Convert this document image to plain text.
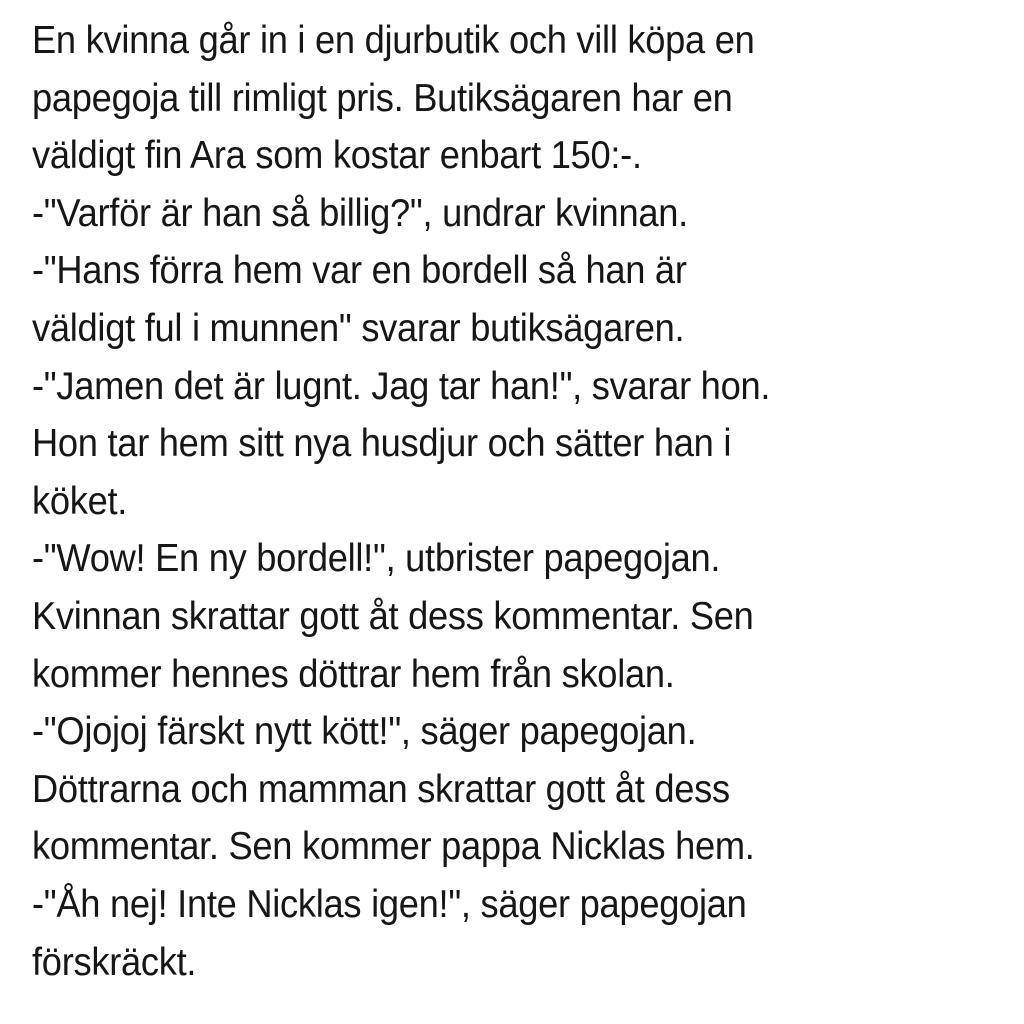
En kvinna går in i en djurbutik och vill köpa en
papegoja till rimligt pris. Butiksägaren har en
väldigt fin Ara som kostar enbart 150:-.
-"Varför är han så billig?", undrar kvinnan.
-"Hans förra hem var en bordell så han är
väldigt ful i munnen" svarar butiksägaren.
-"Jamen det är lugnt. Jag tar han!", svarar hon.
Hon tar hem sitt nya husdjur och sätter han i
köket.
-"Wow! En ny bordell!", utbrister papegojan.
Kvinnan skrattar gott åt dess kommentar. Sen
kommer hennes döttrar hem från skolan.
-"Ojojoj färskt nytt kött!", säger papegojan.
Döttrarna och mamman skrattar gott åt dess
kommentar. Sen kommer pappa Nicklas hem.
-"Åh nej! Inte Nicklas igen!", säger papegojan
förskräckt.
